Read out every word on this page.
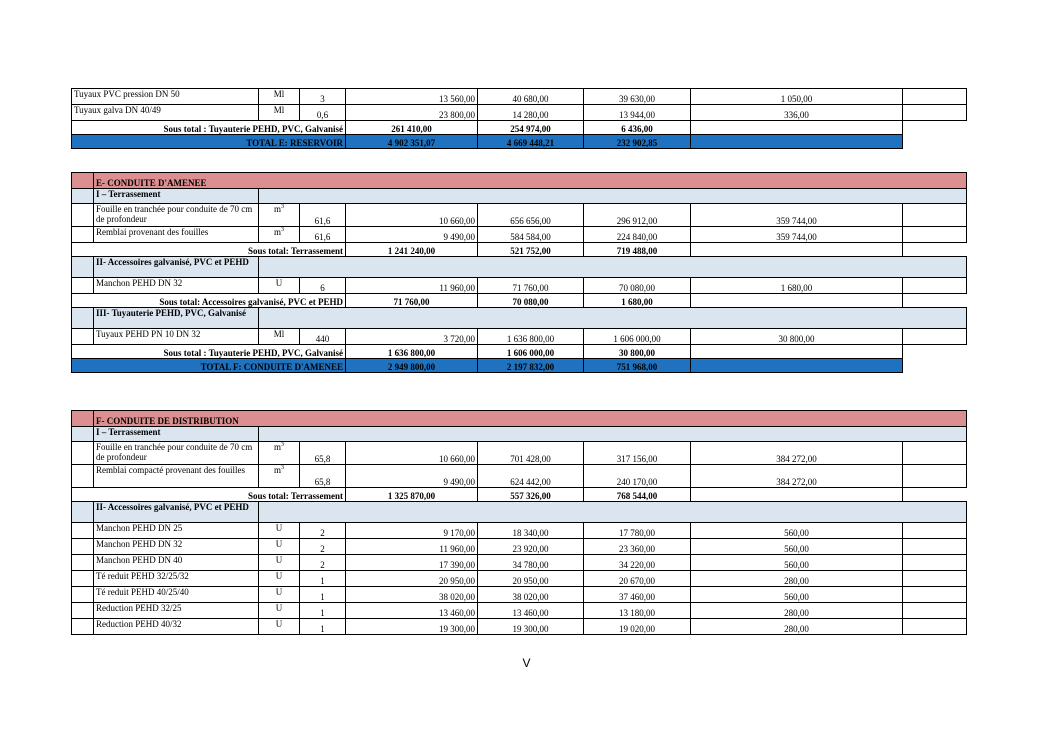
Tuyaux PVC pression DN 50	Ml	3	13 560,00	40 680,00	39 630,00	1 050,00	
Tuyaux galva DN 40/49	Ml	0,6	23 800,00	14 280,00	13 944,00	336,00	
Sous total : Tuyauterie PEHD, PVC, Galvanisé			261 410,00	254 974,00	6 436,00		
TOTAL E: RESERVOIR			4 902 351,07	4 669 448,21	232 902,85		
	E- CONDUITE D'AMENEE							
	I – Terrassement							
	Fouille en tranchée pour conduite de 70 cm de profondeur	$m^3$	61,6	10 660,00	656 656,00	296 912,00	359 744,00	
	Remblai provenant des fouilles	$m^3$	61,6	9 490,00	584 584,00	224 840,00	359 744,00	
Sous total: Terrassement				1 241 240,00	521 752,00	719 488,00		
	II- Accessoires galvanisé, PVC et PEHD							
	Manchon PEHD DN 32	U	6	11 960,00	71 760,00	70 080,00	1 680,00	
Sous total: Accessoires galvanisé, PVC et PEHD				71 760,00	70 080,00	1 680,00		
	III- Tuyauterie PEHD, PVC, Galvanisé							
	Tuyaux PEHD PN 10 DN 32	Ml	440	3 720,00	1 636 800,00	1 606 000,00	30 800,00	
Sous total : Tuyauterie PEHD, PVC, Galvanisé				1 636 800,00	1 606 000,00	30 800,00		
TOTAL F: CONDUITE D'AMENEE				2 949 800,00	2 197 832,00	751 968,00		
	F- CONDUITE DE DISTRIBUTION							
	I – Terrassement							
	Fouille en tranchée pour conduite de 70 cm de profondeur	$m^3$	65,8	10 660,00	701 428,00	317 156,00	384 272,00	
	Remblai compacté provenant des fouilles	$m^3$	65,8	9 490,00	624 442,00	240 170,00	384 272,00	
Sous total: Terrassement				1 325 870,00	557 326,00	768 544,00		
	II- Accessoires galvanisé, PVC et PEHD							
	Manchon PEHD DN 25	U	2	9 170,00	18 340,00	17 780,00	560,00	
	Manchon PEHD DN 32	U	2	11 960,00	23 920,00	23 360,00	560,00	
	Manchon PEHD DN 40	U	2	17 390,00	34 780,00	34 220,00	560,00	
	Té reduit PEHD 32/25/32	U	1	20 950,00	20 950,00	20 670,00	280,00	
	Té reduit PEHD 40/25/40	U	1	38 020,00	38 020,00	37 460,00	560,00	
	Reduction PEHD 32/25	U	1	13 460,00	13 460,00	13 180,00	280,00	
	Reduction PEHD 40/32	U	1	19 300,00	19 300,00	19 020,00	280,00	
V
